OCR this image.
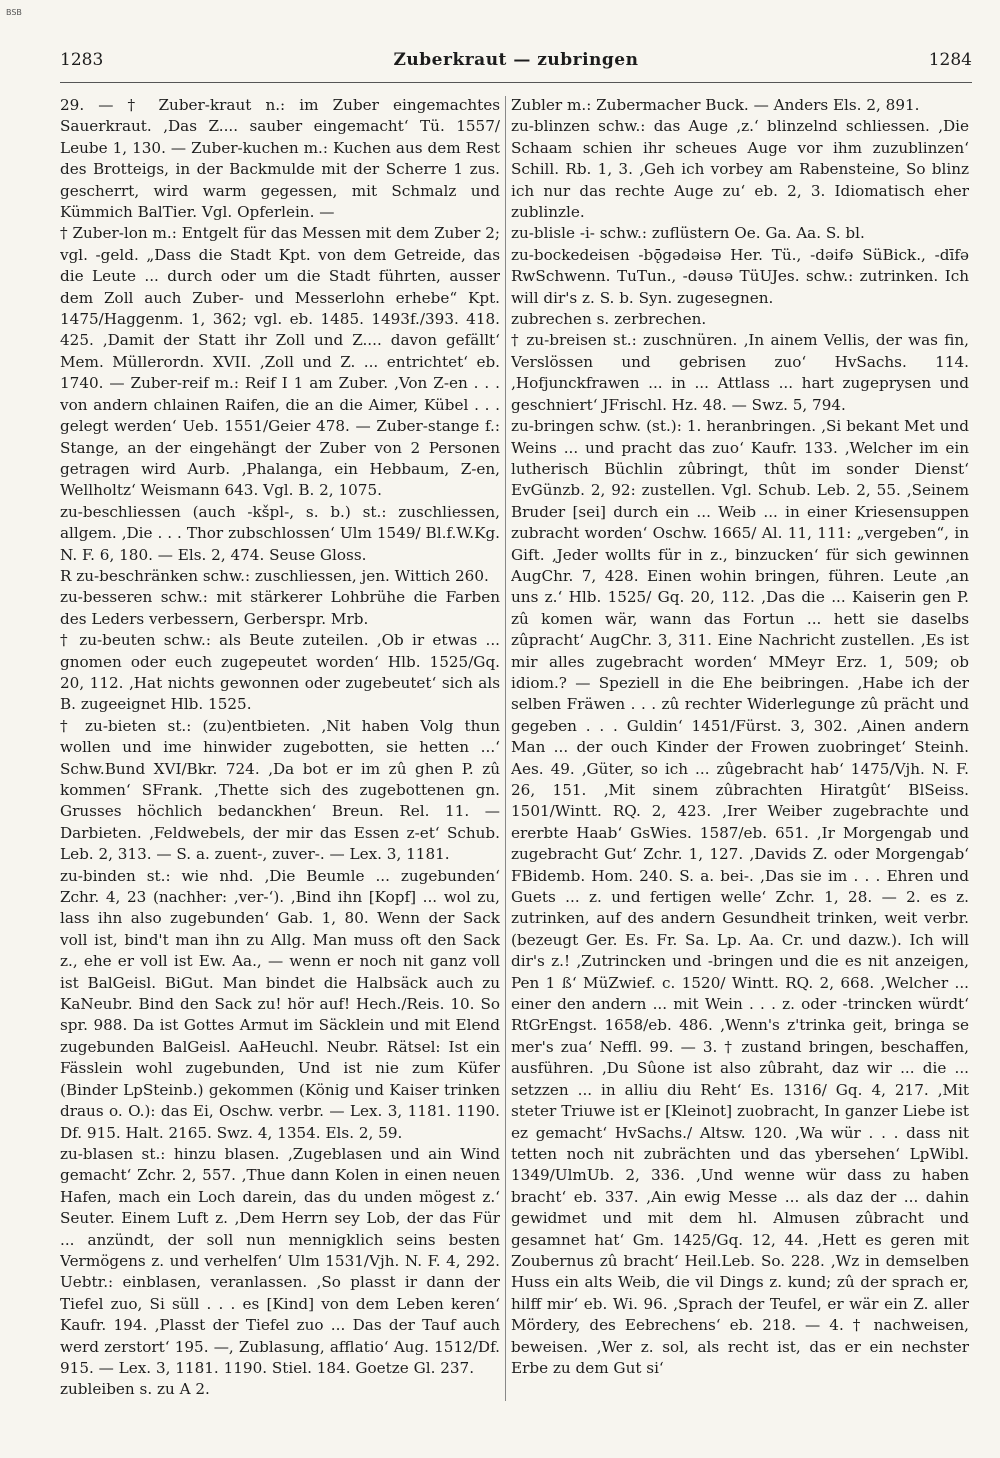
BSB
1283	Zuberkraut — zubringen	1284

29. — † Zuber-kraut n.: im Zuber eingemachtes Sauerkraut. ‚Das Z.... sauber eingemacht‘ Tü. 1557/ Leube 1, 130. — Zuber-kuchen m.: Kuchen aus dem Rest des Brotteigs, in der Backmulde mit der Scherre 1 zus. gescherrt, wird warm gegessen, mit Schmalz und Kümmich BalTier. Vgl. Opferlein. —

† Zuber-lon m.: Entgelt für das Messen mit dem Zuber 2; vgl. -geld. „Dass die Stadt Kpt. von dem Getreide, das die Leute ... durch oder um die Stadt führten, ausser dem Zoll auch Zuber- und Messerlohn erhebe“ Kpt. 1475/Haggenm. 1, 362; vgl. eb. 1485. 1493f./393. 418. 425. ‚Damit der Statt ihr Zoll und Z.... davon gefällt‘ Mem. Müllerordn. XVII. ‚Zoll und Z. ... entrichtet‘ eb. 1740. — Zuber-reif m.: Reif I 1 am Zuber. ‚Von Z-en . . . von andern chlainen Raifen, die an die Aimer, Kübel . . . gelegt werden‘ Ueb. 1551/Geier 478. — Zuber-stange f.: Stange, an der eingehängt der Zuber von 2 Personen getragen wird Aurb. ‚Phalanga, ein Hebbaum, Z-en, Wellholtz‘ Weismann 643. Vgl. B. 2, 1075.

zu-beschliessen (auch -kšpl-, s. b.) st.: zuschliessen, allgem. ‚Die . . . Thor zubschlossen‘ Ulm 1549/ Bl.f.W.Kg. N. F. 6, 180. — Els. 2, 474. Seuse Gloss.

R zu-beschränken schw.: zuschliessen, jen. Wittich 260.

zu-besseren schw.: mit stärkerer Lohbrühe die Farben des Leders verbessern, Gerberspr. Mrb.

† zu-beuten schw.: als Beute zuteilen. ‚Ob ir etwas ... gnomen oder euch zugepeutet worden‘ Hlb. 1525/Gq. 20, 112. ‚Hat nichts gewonnen oder zugebeutet‘ sich als B. zugeeignet Hlb. 1525.

† zu-bieten st.: (zu)entbieten. ‚Nit haben Volg thun wollen und ime hinwider zugebotten, sie hetten ...‘ Schw.Bund XVI/Bkr. 724. ‚Da bot er im zû ghen P. zû kommen‘ SFrank. ‚Thette sich des zugebottenen gn. Grusses höchlich bedanckhen‘ Breun. Rel. 11. — Darbieten. ‚Feldwebels, der mir das Essen z-et‘ Schub. Leb. 2, 313. — S. a. zuent-, zuver-. — Lex. 3, 1181.

zu-binden st.: wie nhd. ‚Die Beumle ... zugebunden‘ Zchr. 4, 23 (nachher: ‚ver-‘). ‚Bind ihn [Kopf] ... wol zu, lass ihn also zugebunden‘ Gab. 1, 80. Wenn der Sack voll ist, bind't man ihn zu Allg. Man muss oft den Sack z., ehe er voll ist Ew. Aa., — wenn er noch nit ganz voll ist BalGeisl. BiGut. Man bindet die Halbsäck auch zu KaNeubr. Bind den Sack zu! hör auf! Hech./Reis. 10. So spr. 988. Da ist Gottes Armut im Säcklein und mit Elend zugebunden BalGeisl. AaHeuchl. Neubr. Rätsel: Ist ein Fässlein wohl zugebunden, Und ist nie zum Küfer (Binder LpSteinb.) gekommen (König und Kaiser trinken draus o. O.): das Ei, Oschw. verbr. — Lex. 3, 1181. 1190. Df. 915. Halt. 2165. Swz. 4, 1354. Els. 2, 59.

zu-blasen st.: hinzu blasen. ‚Zugeblasen und ain Wind gemacht‘ Zchr. 2, 557. ‚Thue dann Kolen in einen neuen Hafen, mach ein Loch darein, das du unden mögest z.‘ Seuter. Einem Luft z. ‚Dem Herrn sey Lob, der das Für ... anzündt, der soll nun mennigklich seins besten Vermögens z. und verhelfen‘ Ulm 1531/Vjh. N. F. 4, 292. Uebtr.: einblasen, veranlassen. ‚So plasst ir dann der Tiefel zuo, Si süll . . . es [Kind] von dem Leben keren‘ Kaufr. 194. ‚Plasst der Tiefel zuo ... Das der Tauf auch werd zerstort‘ 195. —, Zublasung, afflatio‘ Aug. 1512/Df. 915. — Lex. 3, 1181. 1190. Stiel. 184. Goetze Gl. 237.

zubleiben s. zu A 2.

Zubler m.: Zubermacher Buck. — Anders Els. 2, 891.

zu-blinzen schw.: das Auge ‚z.‘ blinzelnd schliessen. ‚Die Schaam schien ihr scheues Auge vor ihm zuzublinzen‘ Schill. Rb. 1, 3. ‚Geh ich vorbey am Rabensteine, So blinz ich nur das rechte Auge zu‘ eb. 2, 3. Idiomatisch eher zublinzle.

zu-blisle -i- schw.: zuflüstern Oe. Ga. Aa. S. bl.

zu-bockedeisen -bǭgədəisə Her. Tü., -dəifə SüBick., -dīfə RwSchwenn. TuTun., -dəusə TüUJes. schw.: zutrinken. Ich will dir's z. S. b. Syn. zugesegnen.

zubrechen s. zerbrechen.

† zu-breisen st.: zuschnüren. ‚In ainem Vellis, der was fin, Verslössen und gebrisen zuo‘ HvSachs. 114. ‚Hofjunckfrawen ... in ... Attlass ... hart zugeprysen und geschniert‘ JFrischl. Hz. 48. — Swz. 5, 794.

zu-bringen schw. (st.): 1. heranbringen. ‚Si bekant Met und Weins ... und pracht das zuo‘ Kaufr. 133. ‚Welcher im ein lutherisch Büchlin zûbringt, thût im sonder Dienst‘ EvGünzb. 2, 92: zustellen. Vgl. Schub. Leb. 2, 55. ‚Seinem Bruder [sei] durch ein ... Weib ... in einer Kriesensuppen zubracht worden‘ Oschw. 1665/ Al. 11, 111: „vergeben“, in Gift. ‚Jeder wollts für in z., binzucken‘ für sich gewinnen AugChr. 7, 428. Einen wohin bringen, führen. Leute ‚an uns z.‘ Hlb. 1525/ Gq. 20, 112. ‚Das die ... Kaiserin gen P. zû komen wär, wann das Fortun ... hett sie daselbs zûpracht‘ AugChr. 3, 311. Eine Nachricht zustellen. ‚Es ist mir alles zugebracht worden‘ MMeyr Erz. 1, 509; ob idiom.? — Speziell in die Ehe beibringen. ‚Habe ich der selben Fräwen . . . zû rechter Widerlegunge zû prächt und gegeben . . . Guldin‘ 1451/Fürst. 3, 302. ‚Ainen andern Man ... der ouch Kinder der Frowen zuobringet‘ Steinh. Aes. 49. ‚Güter, so ich ... zûgebracht hab‘ 1475/Vjh. N. F. 26, 151. ‚Mit sinem zûbrachten Hiratgût‘ BlSeiss. 1501/Wintt. RQ. 2, 423. ‚Irer Weiber zugebrachte und ererbte Haab‘ GsWies. 1587/eb. 651. ‚Ir Morgengab und zugebracht Gut‘ Zchr. 1, 127. ‚Davids Z. oder Morgengab‘ FBidemb. Hom. 240. S. a. bei-. ‚Das sie im . . . Ehren und Guets ... z. und fertigen welle‘ Zchr. 1, 28. — 2. es z. zutrinken, auf des andern Gesundheit trinken, weit verbr. (bezeugt Ger. Es. Fr. Sa. Lp. Aa. Cr. und dazw.). Ich will dir's z.! ‚Zutrincken und -bringen und die es nit anzeigen, Pen 1 ß‘ MüZwief. c. 1520/ Wintt. RQ. 2, 668. ‚Welcher ... einer den andern ... mit Wein . . . z. oder -trincken würdt‘ RtGrEngst. 1658/eb. 486. ‚Wenn's z'trinka geit, bringa se mer's zua‘ Neffl. 99. — 3. † zustand bringen, beschaffen, ausführen. ‚Du Sûone ist also zûbraht, daz wir ... die ... setzzen ... in alliu diu Reht‘ Es. 1316/ Gq. 4, 217. ‚Mit steter Triuwe ist er [Kleinot] zuobracht, In ganzer Liebe ist ez gemacht‘ HvSachs./ Altsw. 120. ‚Wa wür . . . dass nit tetten noch nit zubrächten und das ybersehen‘ LpWibl. 1349/UlmUb. 2, 336. ‚Und wenne wür dass zu haben bracht‘ eb. 337. ‚Ain ewig Messe ... als daz der ... dahin gewidmet und mit dem hl. Almusen zûbracht und gesamnet hat‘ Gm. 1425/Gq. 12, 44. ‚Hett es geren mit Zoubernus zû bracht‘ Heil.Leb. So. 228. ‚Wz in demselben Huss ein alts Weib, die vil Dings z. kund; zû der sprach er, hilff mir‘ eb. Wi. 96. ‚Sprach der Teufel, er wär ein Z. aller Mördery, des Eebrechens‘ eb. 218. — 4. † nachweisen, beweisen. ‚Wer z. sol, als recht ist, das er ein nechster Erbe zu dem Gut si‘
